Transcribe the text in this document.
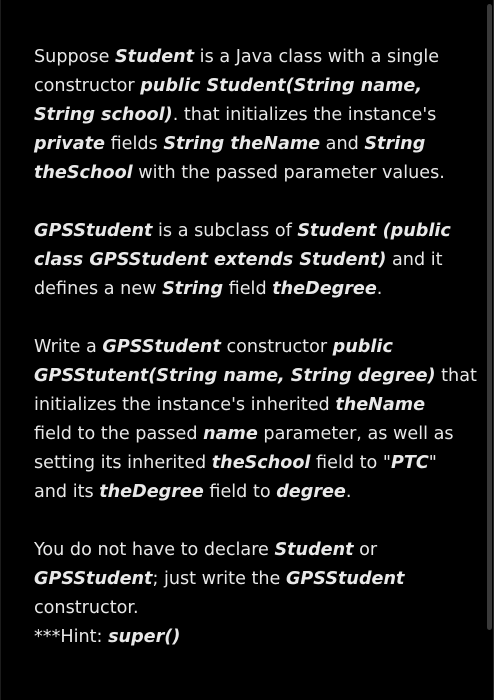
Suppose Student is a Java class with a single
constructor public Student(String name,
String school). that initializes the instance's
private fields String theName and String
theSchool with the passed parameter values.

GPSStudent is a subclass of Student (public
class GPSStudent extends Student) and it
defines a new String field theDegree.

Write a GPSStudent constructor public
GPSStutent(String name, String degree) that
initializes the instance's inherited theName
field to the passed name parameter, as well as
setting its inherited theSchool field to "PTC"
and its theDegree field to degree.

You do not have to declare Student or
GPSStudent; just write the GPSStudent
constructor.
***Hint: super()
